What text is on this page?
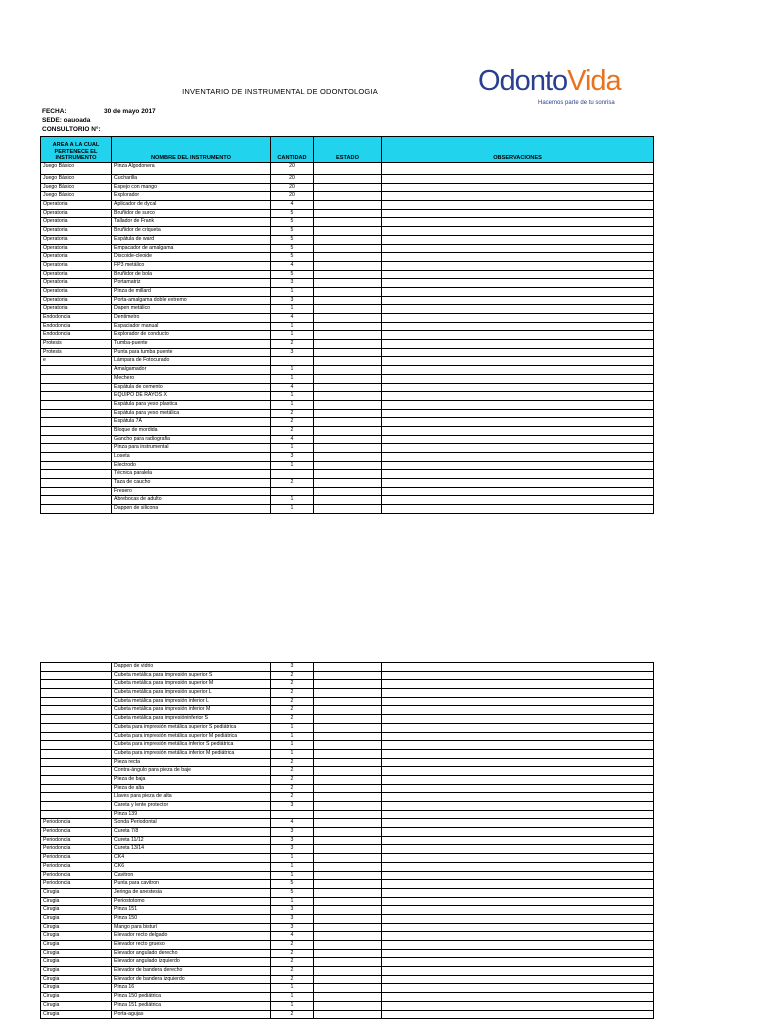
INVENTARIO DE INSTRUMENTAL DE ODONTOLOGIA	OdontoVida
Hacemos parte de tu sonrisa
FECHA:	30 de mayo 2017
SEDE: oauoada
CONSULTORIO N°:
AREA A LA CUAL PERTENECE EL INSTRUMENTO	NOMBRE DEL INSTRUMENTO	CANTIDAD	ESTADO	OBSERVACIONES
Juego Básico	Pinza Algodonera	20		
Juego Básico	Cucharilla	20		
Juego Básico	Espejo con mango	20		
Juego Básico	Explorador	20		
Operatoria	Aplicador de dycal	4		
Operatoria	Bruñidor de surco	5		
Operatoria	Tallador de Frank	5		
Operatoria	Bruñidor de criqueta	5		
Operatoria	Espátula de ward	5		
Operatoria	Empacador de amalgama	5		
Operatoria	Discoide-cleoide	5		
Operatoria	FP3 metálico	4		
Operatoria	Bruñidor de bola	5		
Operatoria	Portamatriz	3		
Operatoria	Pinza de millard	1		
Operatoria	Porta-amalgama doble extremo	3		
Operatoria	Dapen metálico	1		
Endodoncia	Dentimetro	4		
Endodoncia	Espaciador manual	1		
Endodoncia	Explorador de conducto	1		
Protesis	Tumba-puente	2		
Protesis	Punta para tumba puente	3		
e	Lámpara de Fotocurado			
	Amalgamador	1		
	Mechero	1		
	Espátula de cemento	4		
	EQUIPO DE RAYOS X	1		
	Espátula para yeso plastica	1		
	Espátula para yeso metálica	2		
	Espátula 7A	2		
	Bloque de mordida	2		
	Gancho para radiografia	4		
	Pinza para instrumental	1		
	Loseta	3		
	Electrodo	1		
	Técnica paralela			
	Taza de caucho	2		
	Fresero			
	Abrebocas de adulto	1		
	Dappen de silicona	1		
	Dappen de vidrio	3		
	Cubeta metálica para impresión superior S	2		
	Cubeta metálica para impresión superior M	2		
	Cubeta metálica para impresión superior L	2		
	Cubeta metálica para impresión inferior L	2		
	Cubeta metálica para impresión inferior M	2		
	Cubeta metálica para impresióninferior S	2		
	Cubeta para impresión metálica superior S pediátrica	1		
	Cubeta para impresión metálica superior M pediátrica	1		
	Cubeta para impresión metálica inferior S pediátrica	1		
	Cubeta para impresión metálica inferior M pediátrica	1		
	Pieza recta	2		
	Contra-ángulo para pieza de baje	2		
	Pieza de baja	2		
	Pieza de alta	2		
	Llaves para pieza de alta	2		
	Careta y lente protector	3		
	Pinza 139			
Periodoncia	Sonda Periodontal	4		
Periodoncia	Cureta 7/8	3		
Periodoncia	Cureta 11/12	3		
Periodoncia	Cureta 13/14	3		
Periodoncia	CK4	1		
Periodoncia	CK6	1		
Periodoncia	Cavitron	1		
Periodoncia	Punta para cavitron	5		
Cirugia	Jeringa de anestesia	5		
Cirugia	Periostotomo	1		
Cirugia	Pinza 151	3		
Cirugia	Pinza 150	3		
Cirugia	Mango para bisturí	3		
Cirugia	Elevador recto delgado	4		
Cirugia	Elevador recto grueso	2		
Cirugia	Elevador angulado derecho	2		
Cirugia	Elevador angulado izquierdo	2		
Cirugia	Elevador de bandera derecho	2		
Cirugia	Elevador de bandera izquierdo	2		
Cirugia	Pinza 16	1		
Cirugia	Pinza 150 pediátrica	1		
Cirugia	Pinza 151 pediátrica	1		
Cirugia	Porta-agujas	2		
